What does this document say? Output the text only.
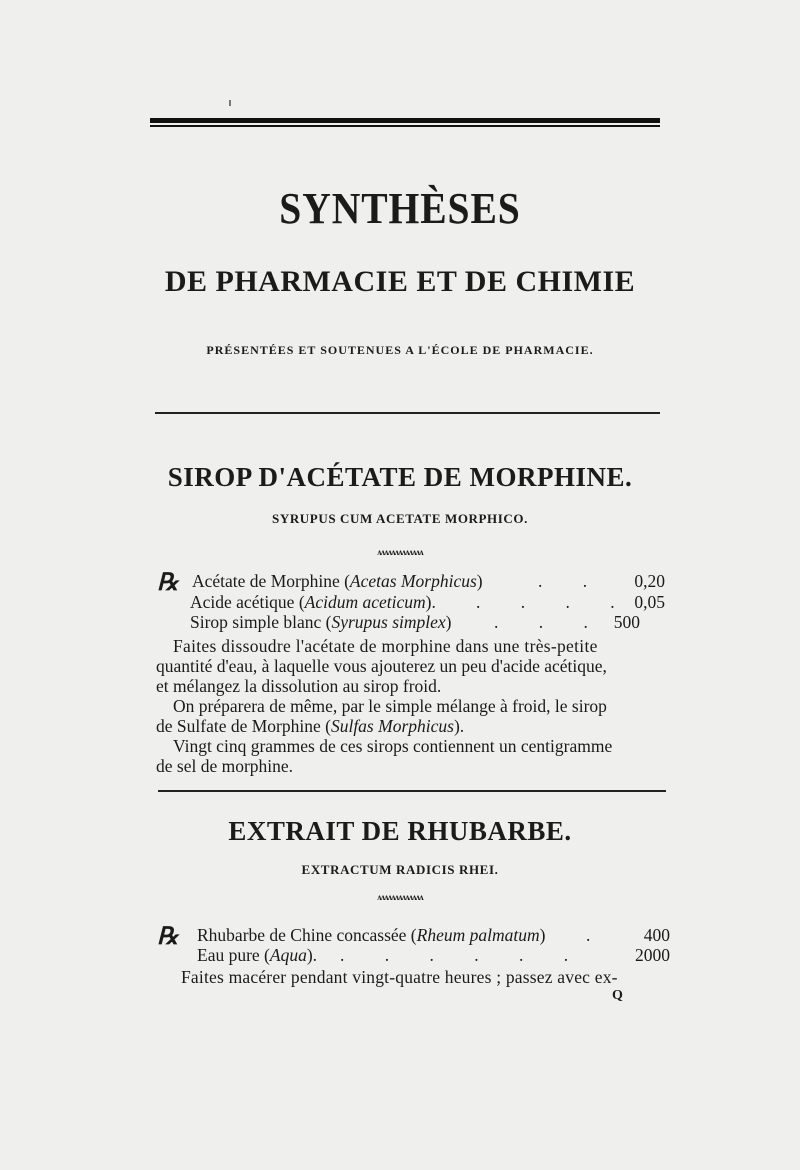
SYNTHÈSES
DE PHARMACIE ET DE CHIMIE
PRÉSENTÉES ET SOUTENUES A L'ÉCOLE DE PHARMACIE.
SIROP D'ACÉTATE DE MORPHINE.
SYRUPUS CUM ACETATE MORPHICO.
ʌʌʌʌʌʌʌʌʌʌʌʌʌ
℞ Acétate de Morphine (Acetas Morphicus)	. .	0,20
Acide acétique (Acidum aceticum). . . . . 0,05
Sirop simple blanc (Syrupus simplex) . . . 500
Faites dissoudre l'acétate de morphine dans une très-petite
quantité d'eau, à laquelle vous ajouterez un peu d'acide acétique,
et mélangez la dissolution au sirop froid.
On préparera de même, par le simple mélange à froid, le sirop
de Sulfate de Morphine (Sulfas Morphicus).
Vingt cinq grammes de ces sirops contiennent un centigramme
de sel de morphine.
EXTRAIT DE RHUBARBE.
EXTRACTUM RADICIS RHEI.
ʌʌʌʌʌʌʌʌʌʌʌʌʌ
℞ Rhubarbe de Chine concassée (Rheum palmatum) .	400
Eau pure (Aqua). . . . . . .	2000
Faites macérer pendant vingt-quatre heures ; passez avec ex-
Q
